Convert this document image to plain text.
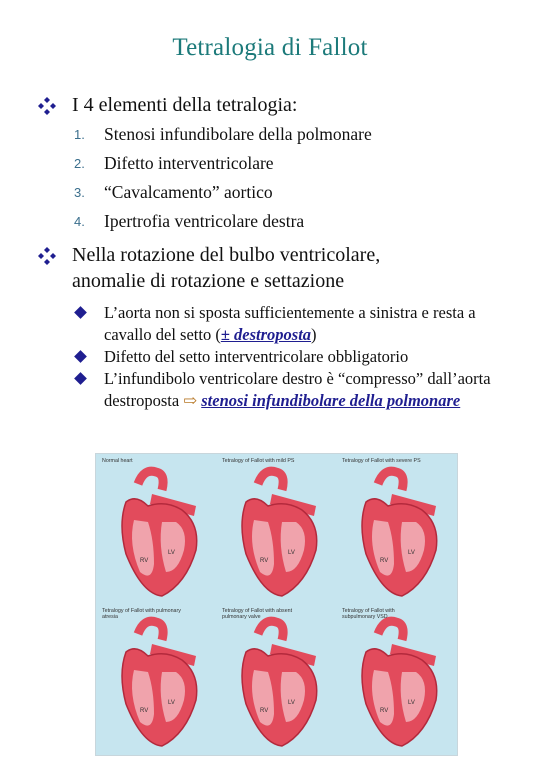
Tetralogia di Fallot
I 4 elementi della tetralogia:
1. Stenosi infundibolare della polmonare
2. Difetto interventricolare
3. “Cavalcamento” aortico
4. Ipertrofia ventricolare destra
Nella rotazione del bulbo ventricolare,
anomalie di rotazione e settazione
L’aorta non si sposta sufficientemente a sinistra e resta a cavallo del setto (± destroposta)
Difetto del setto interventricolare obbligatorio
L’infundibolo ventricolare destro è “compresso” dall’aorta destroposta ⇨ stenosi infundibolare della polmonare
Normal heart
RV
LV
Tetralogy of Fallot with mild PS
RV
LV
Tetralogy of Fallot with severe PS
RV
LV
Tetralogy of Fallot with pulmonary atresia
RV
LV
Tetralogy of Fallot with absent pulmonary valve
RV
LV
Tetralogy of Fallot with subpulmonary VSD
RV
LV
